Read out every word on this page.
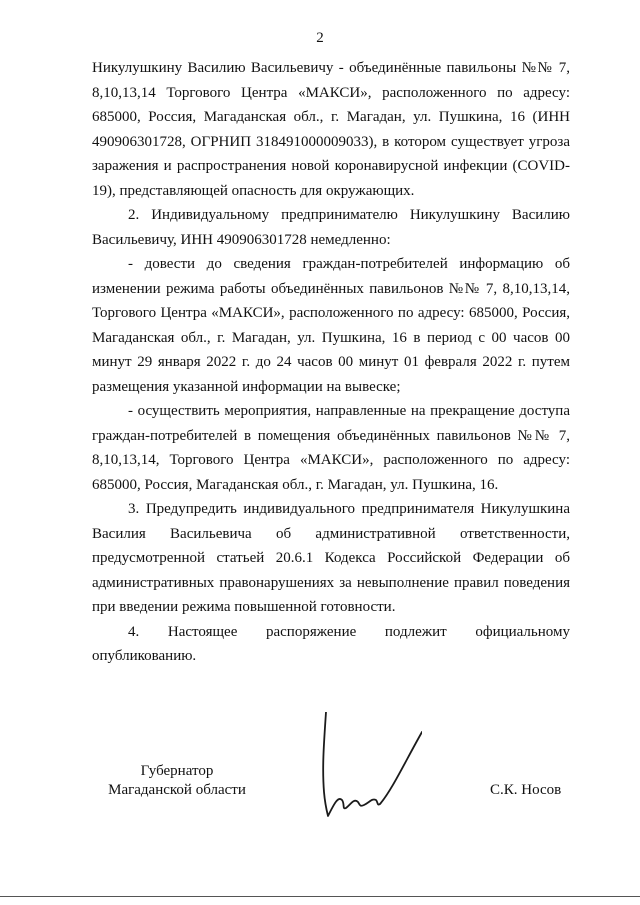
2

Никулушкину Василию Васильевичу - объединённые павильоны №№ 7, 8,10,13,14 Торгового Центра «МАКСИ», расположенного по адресу: 685000, Россия, Магаданская обл., г. Магадан, ул. Пушкина, 16 (ИНН 490906301728, ОГРНИП 318491000009033), в котором существует угроза заражения и распространения новой коронавирусной инфекции (COVID-19), представляющей опасность для окружающих.

2. Индивидуальному предпринимателю Никулушкину Василию Васильевичу, ИНН 490906301728 немедленно:

- довести до сведения граждан-потребителей информацию об изменении режима работы объединённых павильонов №№ 7, 8,10,13,14, Торгового Центра «МАКСИ», расположенного по адресу: 685000, Россия, Магаданская обл., г. Магадан, ул. Пушкина, 16 в период с 00 часов 00 минут 29 января 2022 г. до 24 часов 00 минут 01 февраля 2022 г. путем размещения указанной информации на вывеске;

- осуществить мероприятия, направленные на прекращение доступа граждан-потребителей в помещения объединённых павильонов №№ 7, 8,10,13,14, Торгового Центра «МАКСИ», расположенного по адресу: 685000, Россия, Магаданская обл., г. Магадан, ул. Пушкина, 16.

3. Предупредить индивидуального предпринимателя Никулушкина Василия Васильевича об административной ответственности, предусмотренной статьей 20.6.1 Кодекса Российской Федерации об административных правонарушениях за невыполнение правил поведения при введении режима повышенной готовности.

4. Настоящее распоряжение подлежит официальному опубликованию.

Губернатор
Магаданской области	С.К. Носов
